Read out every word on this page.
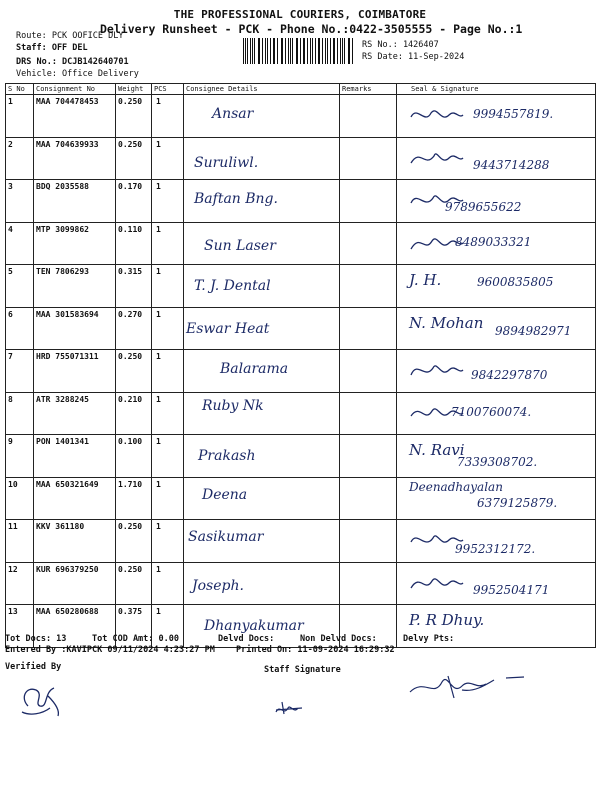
THE PROFESSIONAL COURIERS, COIMBATORE
Delivery Runsheet - PCK - Phone No.:0422-3505555 - Page No.:1
Route: PCK OOFICE DLY
Staff: OFF DEL
DRS No.: DCJB142640701
Vehicle: Office Delivery
RS No.: 1426407
RS Date: 11-Sep-2024
S No	Consignment No	Weight	PCS	Consignee Details	Remarks	Seal & Signature
1	MAA 704478453	0.250	1	Ansar		9994557819.

2	MAA 704639933	0.250	1	Suruliwl.		9443714288

3	BDQ 2035588	0.170	1	Baftan Bng.		9789655622

4	MTP 3099862	0.110	1	Sun Laser		8489033321

5	TEN 7806293	0.315	1	T. J. Dental		J. H. 9600835805

6	MAA 301583694	0.270	1	Eswar Heat		N. Mohan 9894982971

7	HRD 755071311	0.250	1	Balarama		9842297870

8	ATR 3288245	0.210	1	Ruby Nk		7100760074.

9	PON 1401341	0.100	1	Prakash		N. Ravi
7339308702.

10	MAA 650321649	1.710	1	Deena		Deenadhayalan
6379125879.

11	KKV 361180	0.250	1	Sasikumar		9952312172.

12	KUR 696379250	0.250	1	Joseph.		9952504171

13	MAA 650280688	0.375	1	Dhanyakumar		P. R Dhuy.
Tot Docs: 13	Tot COD Amt: 0.00	Delvd Docs:	Non Delvd Docs:	Delvy Pts:
Entered By :KAVIPCK 09/11/2024 4:23:27 PM Printed On: 11-09-2024 16:29:32
Verified By	Staff Signature
